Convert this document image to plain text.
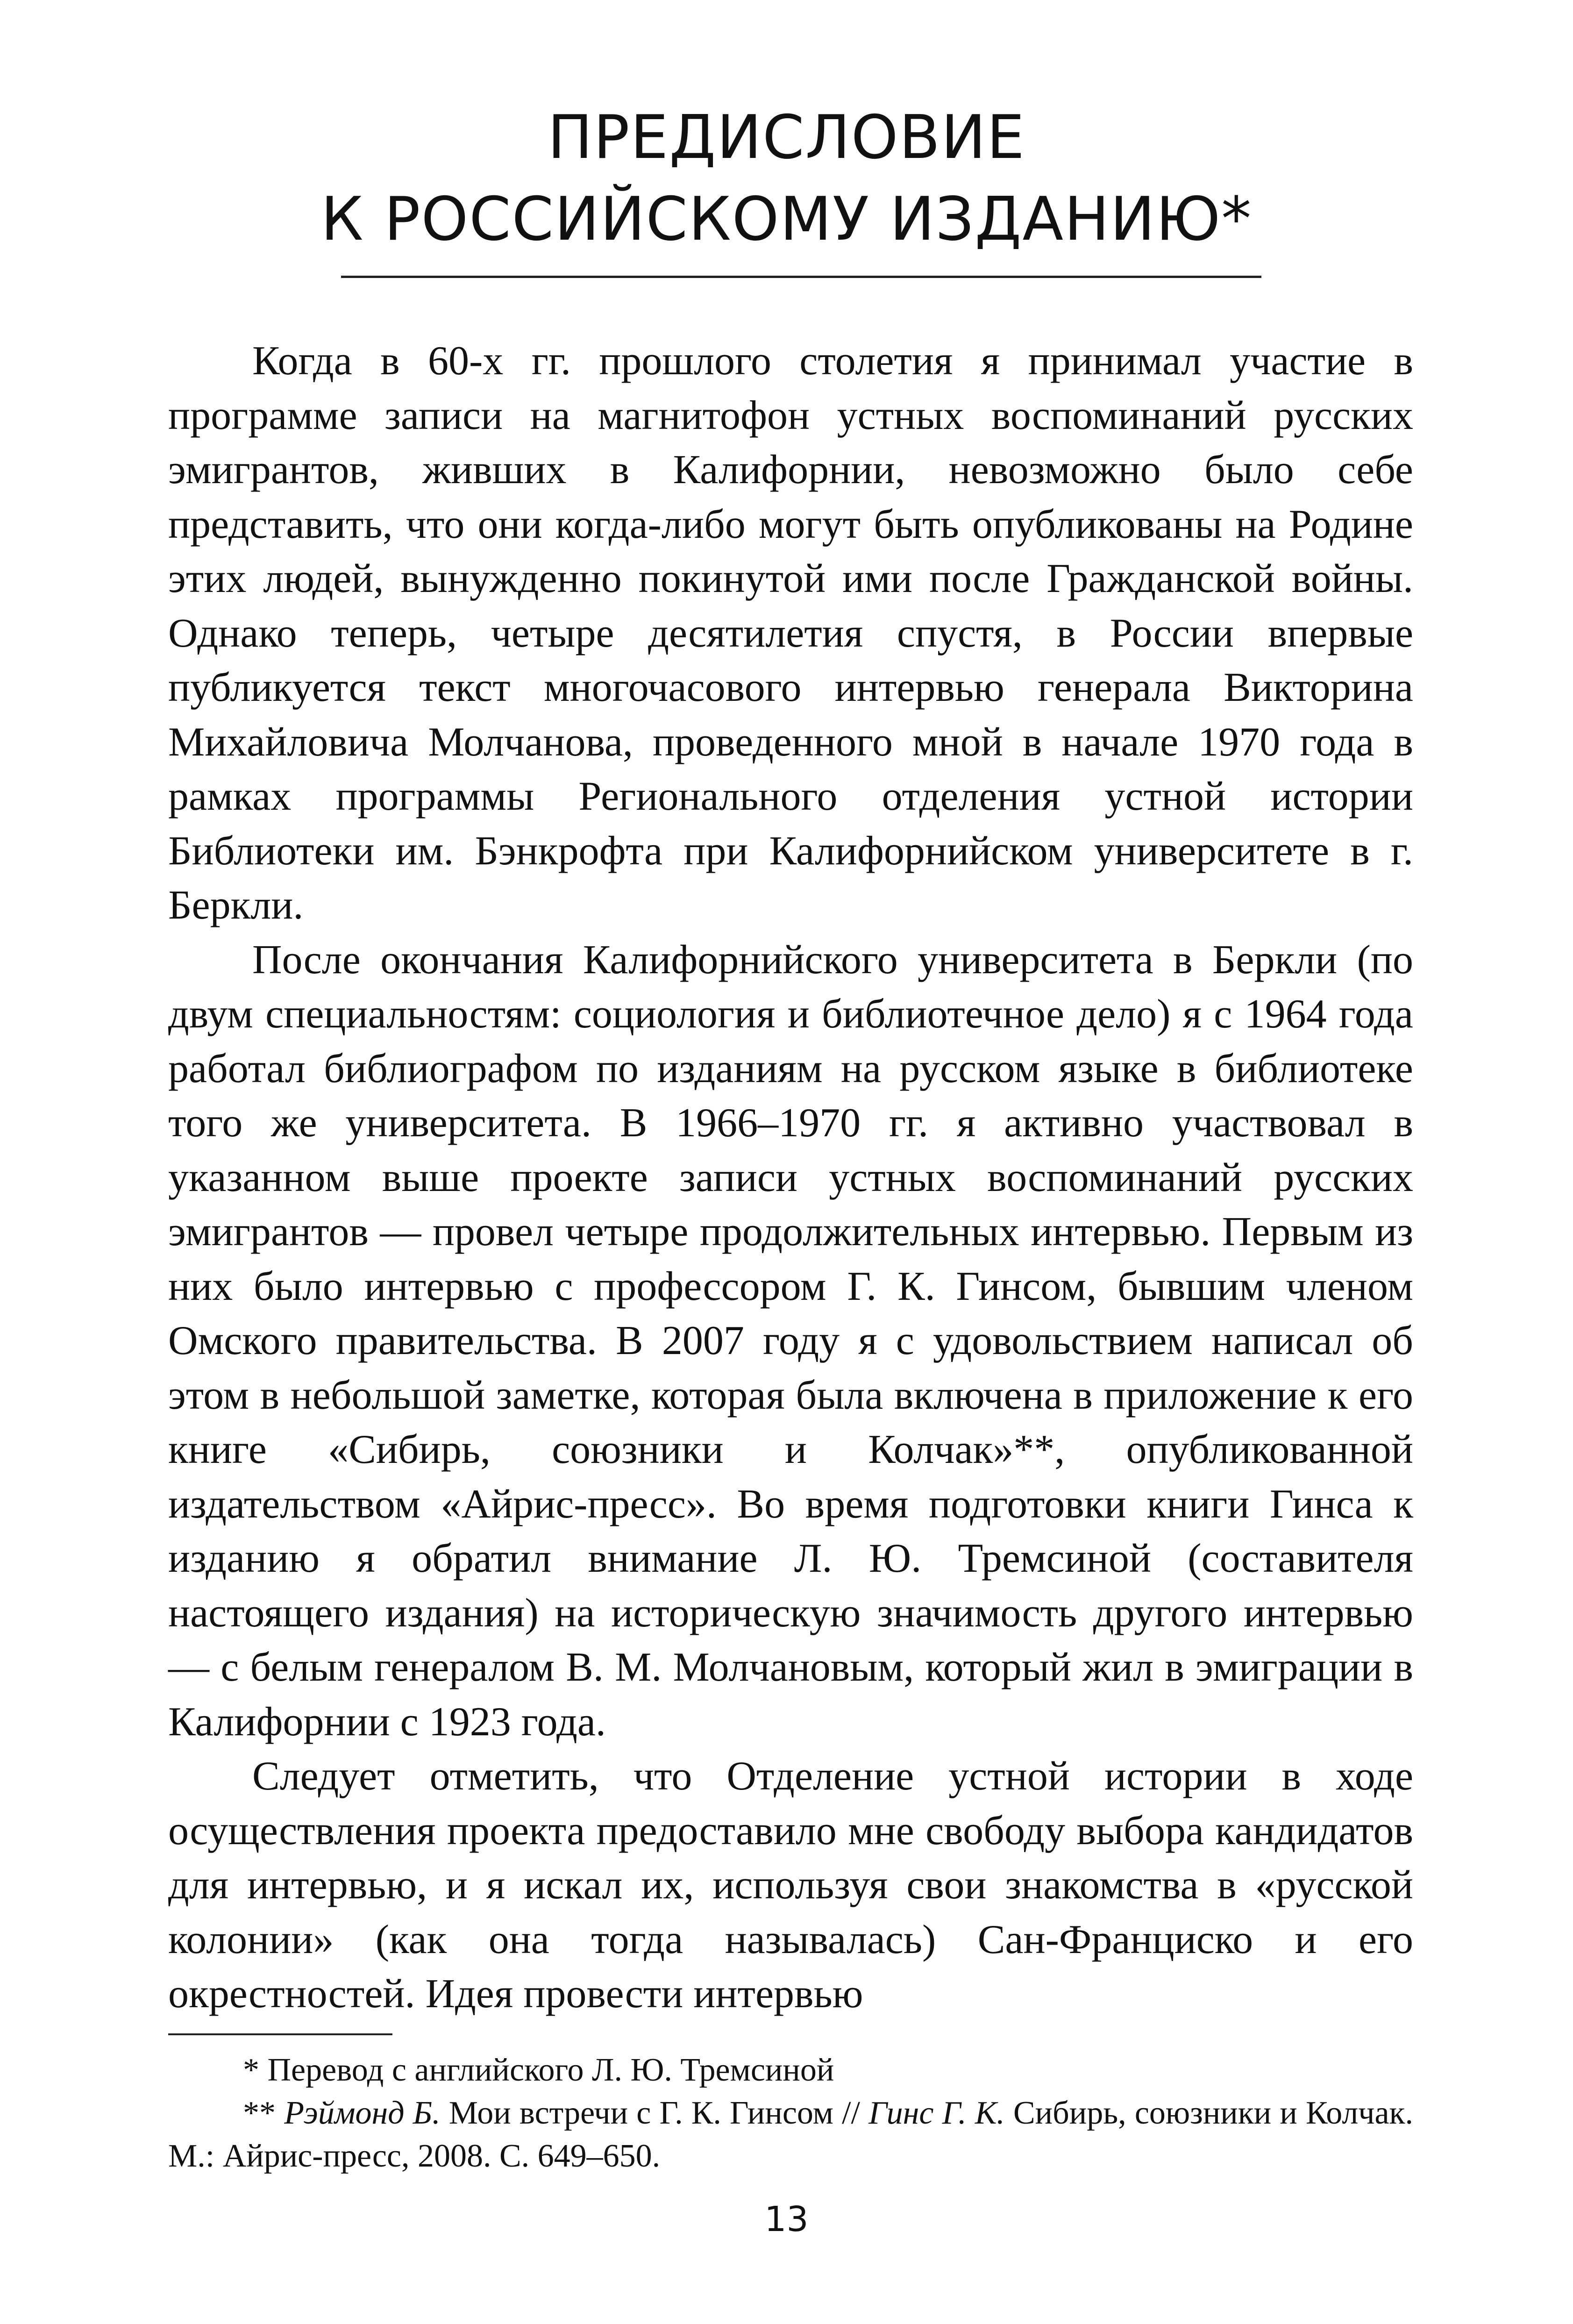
ПРЕДИСЛОВИЕ
К РОССИЙСКОМУ ИЗДАНИЮ*

Когда в 60-х гг. прошлого столетия я принимал участие в программе записи на магнитофон устных воспоминаний русских эмигрантов, живших в Калифорнии, невозможно было себе представить, что они когда-либо могут быть опубликованы на Родине этих людей, вынужденно покинутой ими после Гражданской войны. Однако теперь, четыре десятилетия спустя, в России впервые публикуется текст многочасового интервью генерала Викторина Михайловича Молчанова, проведенного мной в начале 1970 года в рамках программы Регионального отделения устной истории Библиотеки им. Бэнкрофта при Калифорнийском университете в г. Беркли.

После окончания Калифорнийского университета в Беркли (по двум специальностям: социология и библиотечное дело) я с 1964 года работал библиографом по изданиям на русском языке в библиотеке того же университета. В 1966–1970 гг. я активно участвовал в указанном выше проекте записи устных воспоминаний русских эмигрантов — провел четыре продолжительных интервью. Первым из них было интервью с профессором Г. К. Гинсом, бывшим членом Омского правительства. В 2007 году я с удовольствием написал об этом в небольшой заметке, которая была включена в приложение к его книге «Сибирь, союзники и Колчак»**, опубликованной издательством «Айрис-пресс». Во время подготовки книги Гинса к изданию я обратил внимание Л. Ю. Тремсиной (составителя настоящего издания) на историческую значимость другого интервью — с белым генералом В. М. Молчановым, который жил в эмиграции в Калифорнии с 1923 года.

Следует отметить, что Отделение устной истории в ходе осуществления проекта предоставило мне свободу выбора кандидатов для интервью, и я искал их, используя свои знакомства в «русской колонии» (как она тогда называлась) Сан-Франциско и его окрестностей. Идея провести интервью

* Перевод с английского Л. Ю. Тремсиной

** Рэймонд Б. Мои встречи с Г. К. Гинсом // Гинс Г. К. Сибирь, союзники и Колчак. М.: Айрис-пресс, 2008. С. 649–650.

13
